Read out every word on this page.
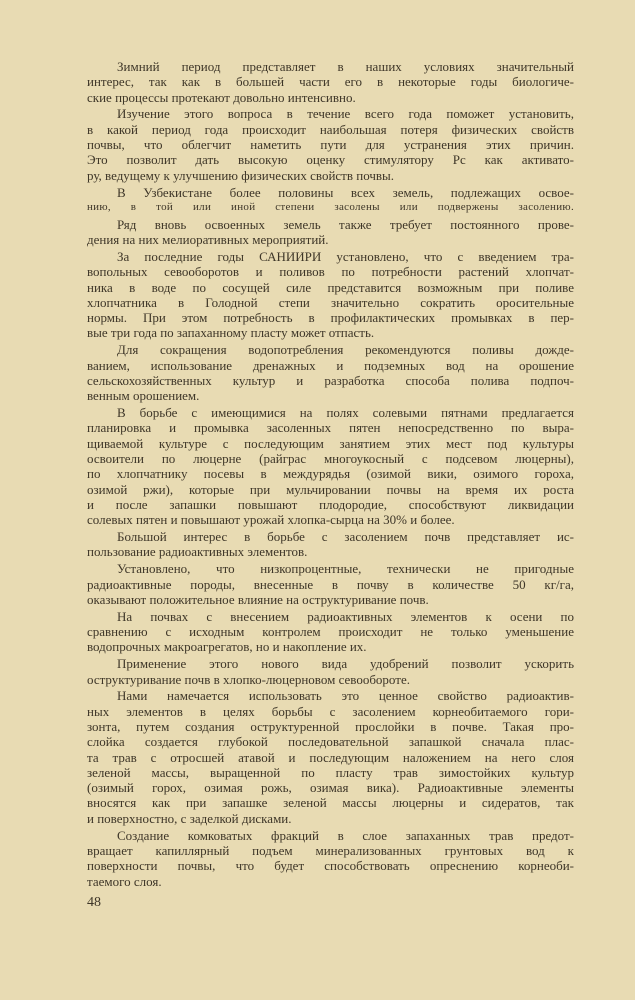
Зимний период представляет в наших условиях значительный
интерес, так как в большей части его в некоторые годы биологиче-
ские процессы протекают довольно интенсивно.
Изучение этого вопроса в течение всего года поможет установить,
в какой период года происходит наибольшая потеря физических свойств
почвы, что облегчит наметить пути для устранения этих причин.
Это позволит дать высокую оценку стимулятору Pс как активато-
ру, ведущему к улучшению физических свойств почвы.
В Узбекистане более половины всех земель, подлежащих освое-
нию, в той или иной степени засолены или подвержены засолению.
Ряд вновь освоенных земель также требует постоянного прове-
дения на них мелиоративных мероприятий.
За последние годы САНИИРИ установлено, что с введением тра-
вопольных севооборотов и поливов по потребности растений хлопчат-
ника в воде по сосущей силе представится возможным при поливе
хлопчатника в Голодной степи значительно сократить оросительные
нормы. При этом потребность в профилактических промывках в пер-
вые три года по запаханному пласту может отпасть.
Для сокращения водопотребления рекомендуются поливы дожде-
ванием, использование дренажных и подземных вод на орошение
сельскохозяйственных культур и разработка способа полива подпоч-
венным орошением.
В борьбе с имеющимися на полях солевыми пятнами предлагается
планировка и промывка засоленных пятен непосредственно по выра-
щиваемой культуре с последующим занятием этих мест под культуры
освоители по люцерне (райграс многоукосный с подсевом люцерны),
по хлопчатнику посевы в междурядья (озимой вики, озимого гороха,
озимой ржи), которые при мульчировании почвы на время их роста
и после запашки повышают плодородие, способствуют ликвидации
солевых пятен и повышают урожай хлопка-сырца на 30% и более.
Большой интерес в борьбе с засолением почв представляет ис-
пользование радиоактивных элементов.
Установлено, что низкопроцентные, технически не пригодные
радиоактивные породы, внесенные в почву в количестве 50 кг/га,
оказывают положительное влияние на оструктуривание почв.
На почвах с внесением радиоактивных элементов к осени по
сравнению с исходным контролем происходит не только уменьшение
водопрочных макроагрегатов, но и накопление их.
Применение этого нового вида удобрений позволит ускорить
оструктуривание почв в хлопко-люцерновом севообороте.
Нами намечается использовать это ценное свойство радиоактив-
ных элементов в целях борьбы с засолением корнеобитаемого гори-
зонта, путем создания оструктуренной прослойки в почве. Такая про-
слойка создается глубокой последовательной запашкой сначала плас-
та трав с отросшей атавой и последующим наложением на него слоя
зеленой массы, выращенной по пласту трав зимостойких культур
(озимый горох, озимая рожь, озимая вика). Радиоактивные элементы
вносятся как при запашке зеленой массы люцерны и сидератов, так
и поверхностно, с заделкой дисками.
Создание комковатых фракций в слое запаханных трав предот-
вращает капиллярный подъем минерализованных грунтовых вод к
поверхности почвы, что будет способствовать опреснению корнеоби-
таемого слоя.
48
